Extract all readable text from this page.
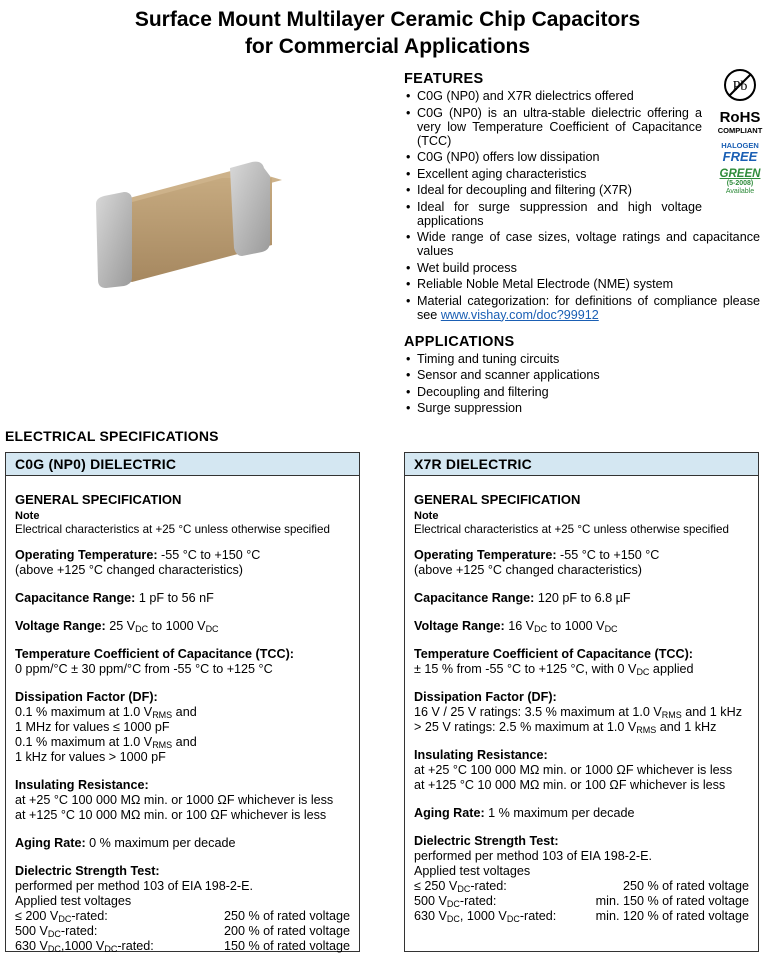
Surface Mount Multilayer Ceramic Chip Capacitors
for Commercial Applications
FEATURES
• C0G (NP0) and X7R dielectrics offered
• C0G (NP0) is an ultra-stable dielectric offering a very low Temperature Coefficient of Capacitance (TCC)
• C0G (NP0) offers low dissipation
• Excellent aging characteristics
• Ideal for decoupling and filtering (X7R)
• Ideal for surge suppression and high voltage applications
• Wide range of case sizes, voltage ratings and capacitance values
• Wet build process
• Reliable Noble Metal Electrode (NME) system
• Material categorization: for definitions of compliance please see www.vishay.com/doc?99912
APPLICATIONS
• Timing and tuning circuits
• Sensor and scanner applications
• Decoupling and filtering
• Surge suppression
Pb
RoHS
COMPLIANT
HALOGEN
FREE
GREEN
(5-2008)
Available
ELECTRICAL SPECIFICATIONS
C0G (NP0) DIELECTRIC
GENERAL SPECIFICATION
Note
Electrical characteristics at +25 °C unless otherwise specified
Operating Temperature: -55 °C to +150 °C
(above +125 °C changed characteristics)
Capacitance Range: 1 pF to 56 nF
Voltage Range: 25 $V_{DC}$ to 1000 $V_{DC}$
Temperature Coefficient of Capacitance (TCC):
0 ppm/°C ± 30 ppm/°C from -55 °C to +125 °C
Dissipation Factor (DF):
0.1 % maximum at 1.0 $V_{RMS}$ and
1 MHz for values ≤ 1000 pF
0.1 % maximum at 1.0 $V_{RMS}$ and
1 kHz for values > 1000 pF
Insulating Resistance:
at +25 °C 100 000 MΩ min. or 1000 ΩF whichever is less
at +125 °C 10 000 MΩ min. or 100 ΩF whichever is less
Aging Rate: 0 % maximum per decade
Dielectric Strength Test:
performed per method 103 of EIA 198-2-E.
Applied test voltages
≤ 200 $V_{DC}$-rated:	250 % of rated voltage
500 $V_{DC}$-rated:	200 % of rated voltage
630 $V_{DC},1000$ $V_{DC}$-rated:	150 % of rated voltage
X7R DIELECTRIC
GENERAL SPECIFICATION
Note
Electrical characteristics at +25 °C unless otherwise specified
Operating Temperature: -55 °C to +150 °C
(above +125 °C changed characteristics)
Capacitance Range: 120 pF to 6.8 µF
Voltage Range: 16 $V_{DC}$ to 1000 $V_{DC}$
Temperature Coefficient of Capacitance (TCC):
± 15 % from -55 °C to +125 °C, with 0 $V_{DC}$ applied
Dissipation Factor (DF):
16 V / 25 V ratings: 3.5 % maximum at 1.0 $V_{RMS}$ and 1 kHz
> 25 V ratings: 2.5 % maximum at 1.0 $V_{RMS}$ and 1 kHz
Insulating Resistance:
at +25 °C 100 000 MΩ min. or 1000 ΩF whichever is less
at +125 °C 10 000 MΩ min. or 100 ΩF whichever is less
Aging Rate: 1 % maximum per decade
Dielectric Strength Test:
performed per method 103 of EIA 198-2-E.
Applied test voltages
≤ 250 $V_{DC}$-rated:	250 % of rated voltage
500 $V_{DC}$-rated:	min. 150 % of rated voltage
630 $V_{DC}$, 1000 $V_{DC}$-rated:	min. 120 % of rated voltage
